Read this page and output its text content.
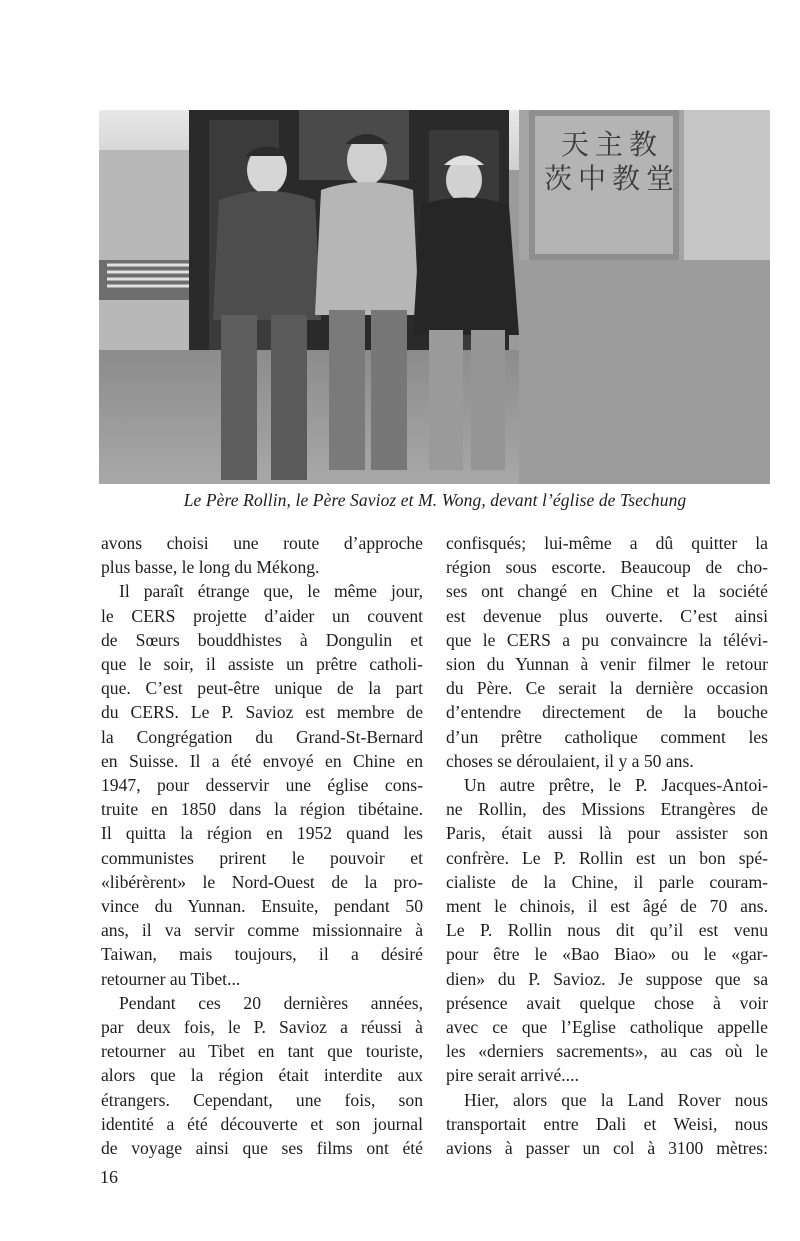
天主教
茨中教堂
Le Père Rollin, le Père Savioz et M. Wong, devant l’église de Tsechung

avons choisi une route d’approche
plus basse, le long du Mékong.

Il paraît étrange que, le même jour,
le CERS projette d’aider un couvent
de Sœurs bouddhistes à Dongulin et
que le soir, il assiste un prêtre catholi-
que. C’est peut-être unique de la part
du CERS. Le P. Savioz est membre de
la Congrégation du Grand-St-Bernard
en Suisse. Il a été envoyé en Chine en
1947, pour desservir une église cons-
truite en 1850 dans la région tibétaine.
Il quitta la région en 1952 quand les
communistes prirent le pouvoir et
«libérèrent» le Nord-Ouest de la pro-
vince du Yunnan. Ensuite, pendant 50
ans, il va servir comme missionnaire à
Taiwan, mais toujours, il a désiré
retourner au Tibet...

Pendant ces 20 dernières années,
par deux fois, le P. Savioz a réussi à
retourner au Tibet en tant que touriste,
alors que la région était interdite aux
étrangers. Cependant, une fois, son
identité a été découverte et son journal
de voyage ainsi que ses films ont été

confisqués; lui-même a dû quitter la
région sous escorte. Beaucoup de cho-
ses ont changé en Chine et la société
est devenue plus ouverte. C’est ainsi
que le CERS a pu convaincre la télévi-
sion du Yunnan à venir filmer le retour
du Père. Ce serait la dernière occasion
d’entendre directement de la bouche
d’un prêtre catholique comment les
choses se déroulaient, il y a 50 ans.

Un autre prêtre, le P. Jacques-Antoi-
ne Rollin, des Missions Etrangères de
Paris, était aussi là pour assister son
confrère. Le P. Rollin est un bon spé-
cialiste de la Chine, il parle couram-
ment le chinois, il est âgé de 70 ans.
Le P. Rollin nous dit qu’il est venu
pour être le «Bao Biao» ou le «gar-
dien» du P. Savioz. Je suppose que sa
présence avait quelque chose à voir
avec ce que l’Eglise catholique appelle
les «derniers sacrements», au cas où le
pire serait arrivé....

Hier, alors que la Land Rover nous
transportait entre Dali et Weisi, nous
avions à passer un col à 3100 mètres:

16
